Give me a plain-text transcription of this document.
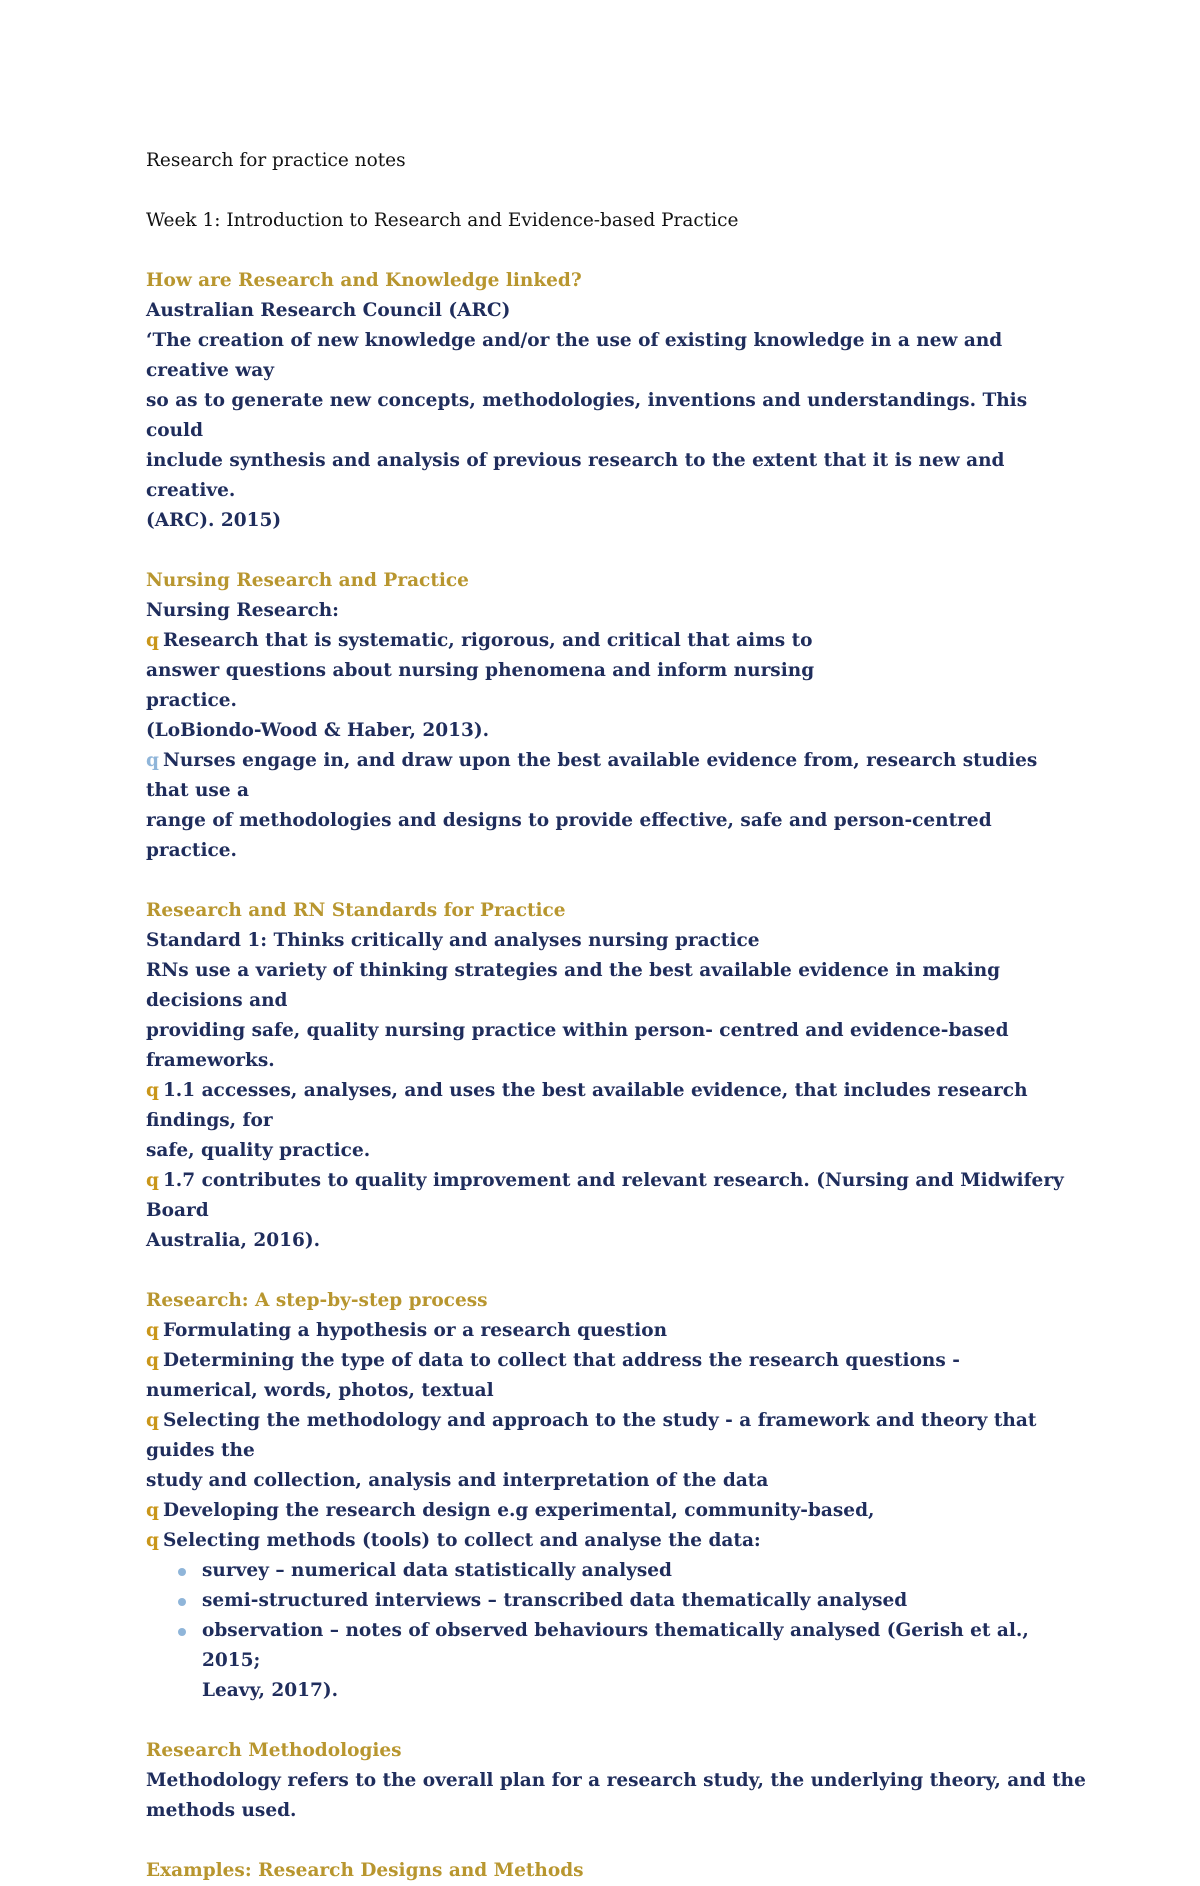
Research for practice notes

Week 1: Introduction to Research and Evidence-based Practice

How are Research and Knowledge linked?

Australian Research Council (ARC)

‘The creation of new knowledge and/or the use of existing knowledge in a new and creative way

so as to generate new concepts, methodologies, inventions and understandings. This could

include synthesis and analysis of previous research to the extent that it is new and creative.

(ARC). 2015)

Nursing Research and Practice

Nursing Research:

q Research that is systematic, rigorous, and critical that aims to

answer questions about nursing phenomena and inform nursing

practice.

(LoBiondo-Wood & Haber, 2013).

q Nurses engage in, and draw upon the best available evidence from, research studies that use a

range of methodologies and designs to provide effective, safe and person-centred practice.

Research and RN Standards for Practice

Standard 1: Thinks critically and analyses nursing practice

RNs use a variety of thinking strategies and the best available evidence in making decisions and

providing safe, quality nursing practice within person- centred and evidence-based frameworks.

q 1.1 accesses, analyses, and uses the best available evidence, that includes research findings, for

safe, quality practice.

q 1.7 contributes to quality improvement and relevant research. (Nursing and Midwifery Board

Australia, 2016).

Research: A step-by-step process

q Formulating a hypothesis or a research question

q Determining the type of data to collect that address the research questions -

numerical, words, photos, textual

q Selecting the methodology and approach to the study - a framework and theory that guides the

study and collection, analysis and interpretation of the data

q Developing the research design e.g experimental, community-based,

q Selecting methods (tools) to collect and analyse the data:

survey – numerical data statistically analysed
semi-structured interviews – transcribed data thematically analysed
observation – notes of observed behaviours thematically analysed (Gerish et al., 2015;
Leavy, 2017).

Research Methodologies

Methodology refers to the overall plan for a research study, the underlying theory, and the

methods used.

Examples: Research Designs and Methods
